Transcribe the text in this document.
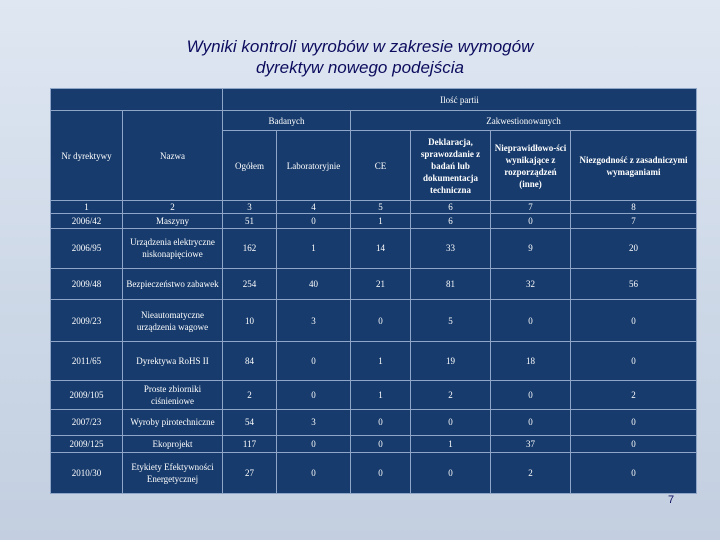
Wyniki kontroli wyrobów w zakresie wymogów
dyrektyw nowego podejścia
		Ilość partii					
Nr dyrektywy	Nazwa	Badanych		Zakwestionowanych			
		Ogółem	Laboratoryjnie	CE	Deklaracja, sprawozdanie z badań lub dokumentacja techniczna	Nieprawidłowo-ści wynikające z rozporządzeń (inne)	Niezgodność z zasadniczymi wymaganiami
1	2	3	4	5	6	7	8
2006/42	Maszyny	51	0	1	6	0	7
2006/95	Urządzenia elektryczne niskonapięciowe	162	1	14	33	9	20
2009/48	Bezpieczeństwo zabawek	254	40	21	81	32	56
2009/23	Nieautomatyczne urządzenia wagowe	10	3	0	5	0	0
2011/65	Dyrektywa RoHS II	84	0	1	19	18	0
2009/105	Proste zbiorniki ciśnieniowe	2	0	1	2	0	2
2007/23	Wyroby pirotechniczne	54	3	0	0	0	0
2009/125	Ekoprojekt	117	0	0	1	37	0
2010/30	Etykiety Efektywności Energetycznej	27	0	0	0	2	0
7
